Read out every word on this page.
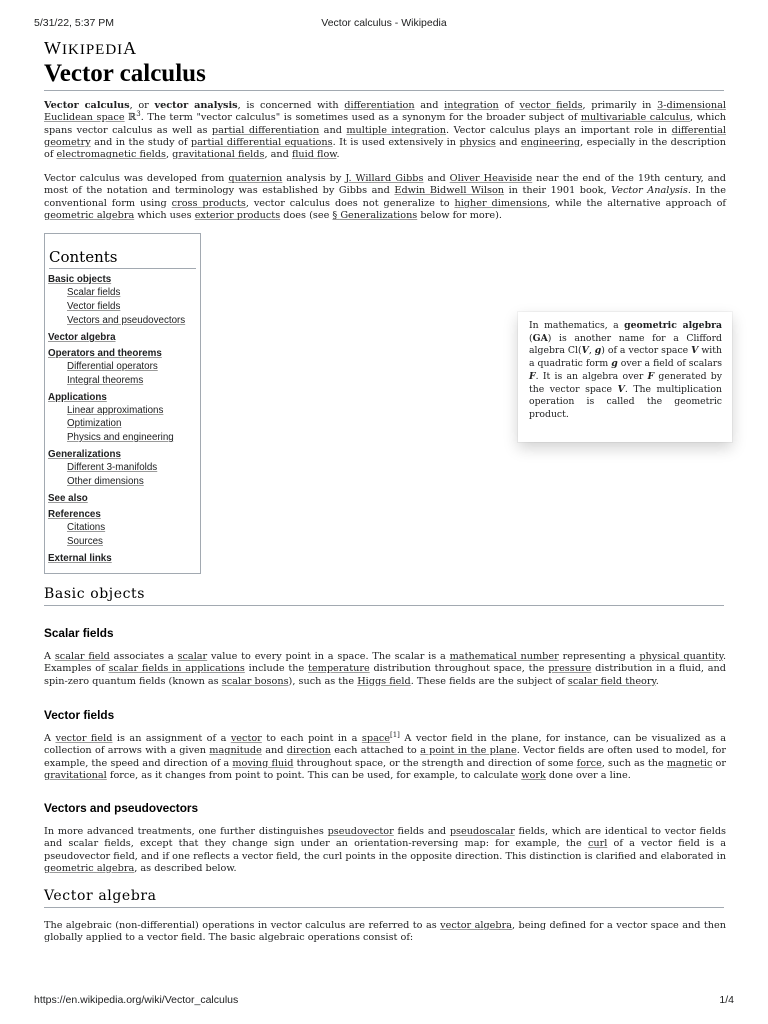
5/31/22, 5:37 PM	Vector calculus - Wikipedia
WIKIPEDIA
Vector calculus

Vector calculus, or vector analysis, is concerned with differentiation and integration of vector fields, primarily in 3-dimensional Euclidean space ℝ$^3$. The term "vector calculus" is sometimes used as a synonym for the broader subject of multivariable calculus, which spans vector calculus as well as partial differentiation and multiple integration. Vector calculus plays an important role in differential geometry and in the study of partial differential equations. It is used extensively in physics and engineering, especially in the description of electromagnetic fields, gravitational fields, and fluid flow.

Vector calculus was developed from quaternion analysis by J. Willard Gibbs and Oliver Heaviside near the end of the 19th century, and most of the notation and terminology was established by Gibbs and Edwin Bidwell Wilson in their 1901 book, Vector Analysis. In the conventional form using cross products, vector calculus does not generalize to higher dimensions, while the alternative approach of geometric algebra which uses exterior products does (see § Generalizations below for more).

Contents
Basic objects
Scalar fields
Vector fields
Vectors and pseudovectors
Vector algebra
Operators and theorems
Differential operators
Integral theorems
Applications
Linear approximations
Optimization
Physics and engineering
Generalizations
Different 3-manifolds
Other dimensions
See also
References
Citations
Sources
External links
In mathematics, a geometric algebra (GA) is another name for a Clifford algebra Cl(V, g) of a vector space V with a quadratic form g over a field of scalars F. It is an algebra over F generated by the vector space V. The multiplication operation is called the geometric product.
Basic objects
Scalar fields

A scalar field associates a scalar value to every point in a space. The scalar is a mathematical number representing a physical quantity. Examples of scalar fields in applications include the temperature distribution throughout space, the pressure distribution in a fluid, and spin-zero quantum fields (known as scalar bosons), such as the Higgs field. These fields are the subject of scalar field theory.

Vector fields

A vector field is an assignment of a vector to each point in a space[1] A vector field in the plane, for instance, can be visualized as a collection of arrows with a given magnitude and direction each attached to a point in the plane. Vector fields are often used to model, for example, the speed and direction of a moving fluid throughout space, or the strength and direction of some force, such as the magnetic or gravitational force, as it changes from point to point. This can be used, for example, to calculate work done over a line.

Vectors and pseudovectors

In more advanced treatments, one further distinguishes pseudovector fields and pseudoscalar fields, which are identical to vector fields and scalar fields, except that they change sign under an orientation-reversing map: for example, the curl of a vector field is a pseudovector field, and if one reflects a vector field, the curl points in the opposite direction. This distinction is clarified and elaborated in geometric algebra, as described below.

Vector algebra

The algebraic (non-differential) operations in vector calculus are referred to as vector algebra, being defined for a vector space and then globally applied to a vector field. The basic algebraic operations consist of:

https://en.wikipedia.org/wiki/Vector_calculus	1/4
